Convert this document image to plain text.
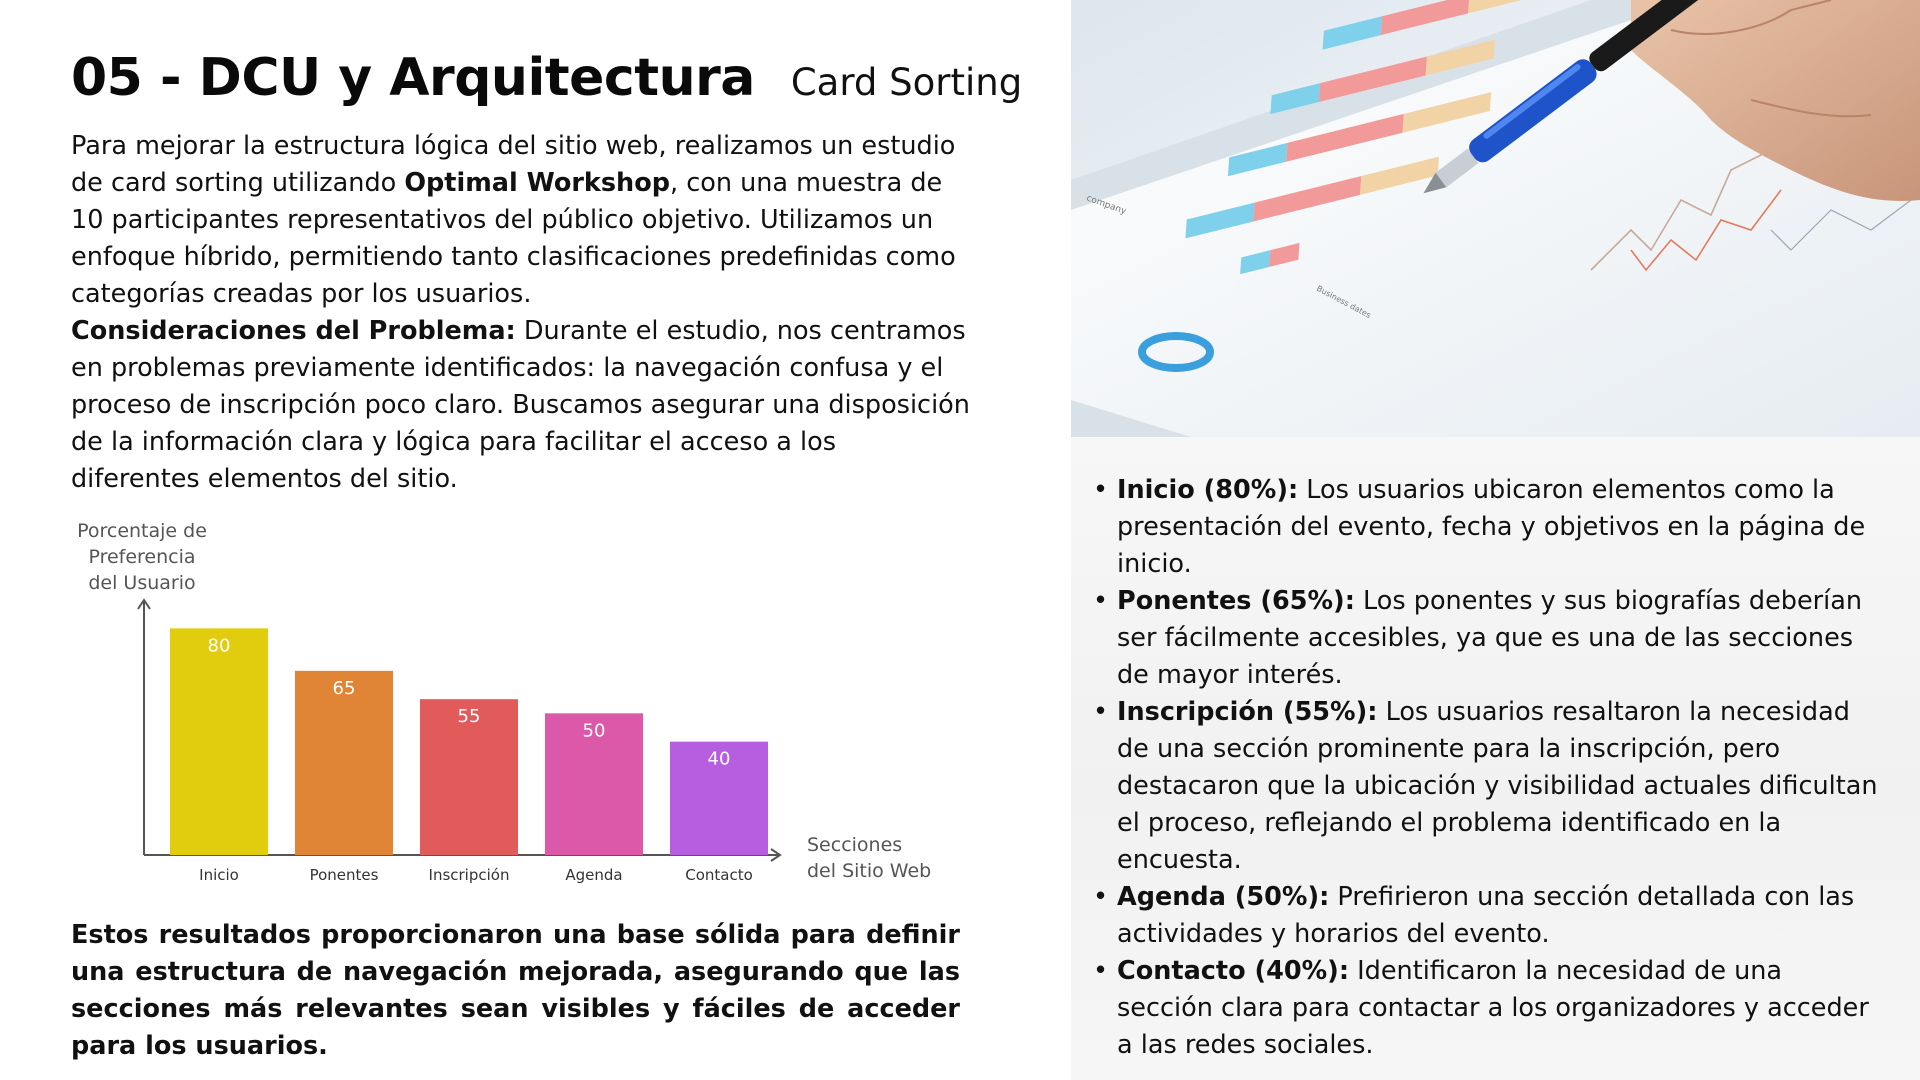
05 - DCU y Arquitectura Card Sorting

Para mejorar la estructura lógica del sitio web, realizamos un estudio de card sorting utilizando Optimal Workshop, con una muestra de 10 participantes representativos del público objetivo. Utilizamos un enfoque híbrido, permitiendo tanto clasificaciones predefinidas como categorías creadas por los usuarios.

Consideraciones del Problema: Durante el estudio, nos centramos en problemas previamente identificados: la navegación confusa y el proceso de inscripción poco claro. Buscamos asegurar una disposición de la información clara y lógica para facilitar el acceso a los diferentes elementos del sitio.

Porcentaje de
Preferencia
del Usuario
Secciones
del Sitio Web
80
Inicio
65
Ponentes
55
Inscripción
50
Agenda
40
Contacto
Estos resultados proporcionaron una base sólida para definir una estructura de navegación mejorada, asegurando que las secciones más relevantes sean visibles y fáciles de acceder para los usuarios.
company
Business dates
• Inicio (80%): Los usuarios ubicaron elementos como la presentación del evento, fecha y objetivos en la página de inicio.
• Ponentes (65%): Los ponentes y sus biografías deberían ser fácilmente accesibles, ya que es una de las secciones de mayor interés.
• Inscripción (55%): Los usuarios resaltaron la necesidad de una sección prominente para la inscripción, pero destacaron que la ubicación y visibilidad actuales dificultan el proceso, reflejando el problema identificado en la encuesta.
• Agenda (50%): Prefirieron una sección detallada con las actividades y horarios del evento.
• Contacto (40%): Identificaron la necesidad de una sección clara para contactar a los organizadores y acceder a las redes sociales.
